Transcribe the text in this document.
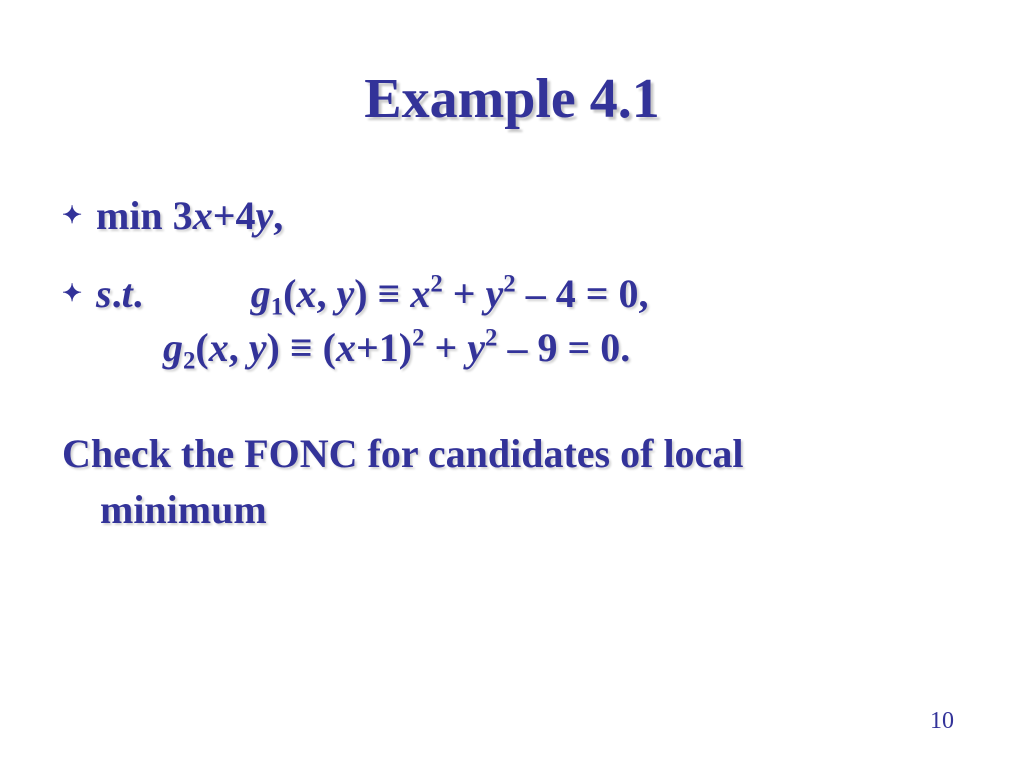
Example 4.1
✦ min 3x+4y,
✦ s.t.	$g_1(x$, $y) \equiv x^2 + y^2 - 4 = 0$,
$g_2(x$, $y) \equiv (x+1)^2 + y^2 - 9 = 0$.
Check the FONC for candidates of local
minimum
10
